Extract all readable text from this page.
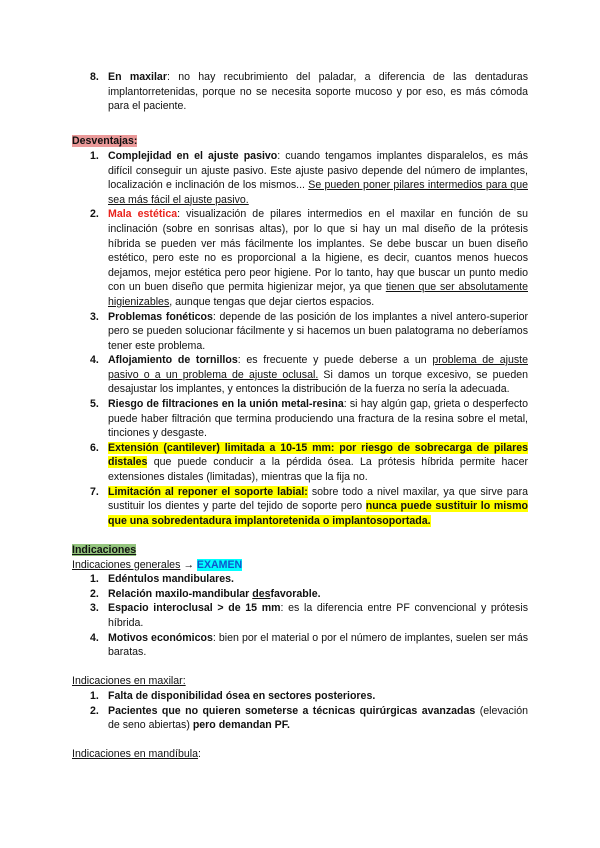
8. En maxilar: no hay recubrimiento del paladar, a diferencia de las dentaduras implantorretenidas, porque no se necesita soporte mucoso y por eso, es más cómoda para el paciente.
Desventajas:
1. Complejidad en el ajuste pasivo: cuando tengamos implantes disparalelos, es más difícil conseguir un ajuste pasivo. Este ajuste pasivo depende del número de implantes, localización e inclinación de los mismos... Se pueden poner pilares intermedios para que sea más fácil el ajuste pasivo.
2. Mala estética: visualización de pilares intermedios en el maxilar en función de su inclinación (sobre en sonrisas altas), por lo que si hay un mal diseño de la prótesis híbrida se pueden ver más fácilmente los implantes. Se debe buscar un buen diseño estético, pero este no es proporcional a la higiene, es decir, cuantos menos huecos dejamos, mejor estética pero peor higiene. Por lo tanto, hay que buscar un punto medio con un buen diseño que permita higienizar mejor, ya que tienen que ser absolutamente higienizables, aunque tengas que dejar ciertos espacios.
3. Problemas fonéticos: depende de las posición de los implantes a nivel antero-superior pero se pueden solucionar fácilmente y si hacemos un buen palatograma no deberíamos tener este problema.
4. Aflojamiento de tornillos: es frecuente y puede deberse a un problema de ajuste pasivo o a un problema de ajuste oclusal. Si damos un torque excesivo, se pueden desajustar los implantes, y entonces la distribución de la fuerza no sería la adecuada.
5. Riesgo de filtraciones en la unión metal-resina: si hay algún gap, grieta o desperfecto puede haber filtración que termina produciendo una fractura de la resina sobre el metal, tinciones y desgaste.
6. Extensión (cantilever) limitada a 10-15 mm: por riesgo de sobrecarga de pilares distales que puede conducir a la pérdida ósea. La prótesis híbrida permite hacer extensiones distales (limitadas), mientras que la fija no.
7. Limitación al reponer el soporte labial: sobre todo a nivel maxilar, ya que sirve para sustituir los dientes y parte del tejido de soporte pero nunca puede sustituir lo mismo que una sobredentadura implantoretenida o implantosoportada.
Indicaciones
Indicaciones generales → EXAMEN
1. Edéntulos mandibulares.
2. Relación maxilo-mandibular desfavorable.
3. Espacio interoclusal > de 15 mm: es la diferencia entre PF convencional y prótesis híbrida.
4. Motivos económicos: bien por el material o por el número de implantes, suelen ser más baratas.
Indicaciones en maxilar:
1. Falta de disponibilidad ósea en sectores posteriores.
2. Pacientes que no quieren someterse a técnicas quirúrgicas avanzadas (elevación de seno abiertas) pero demandan PF.
Indicaciones en mandíbula:
